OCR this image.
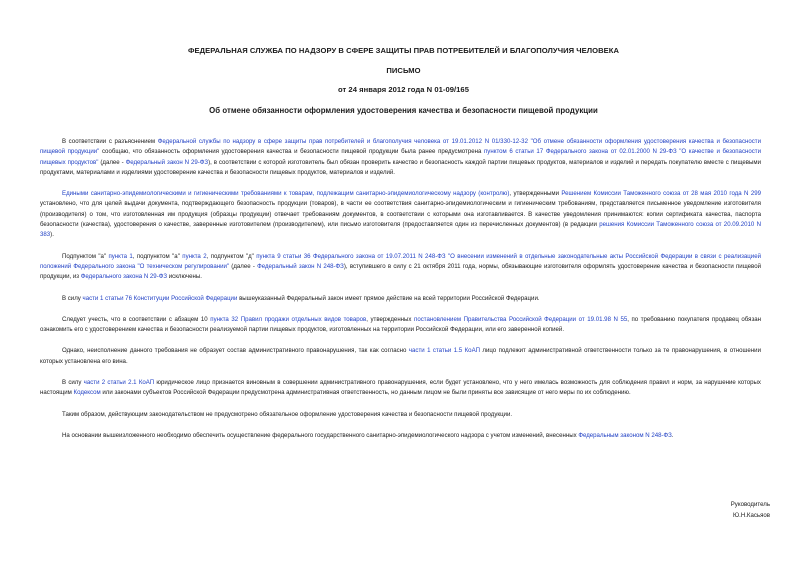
ФЕДЕРАЛЬНАЯ СЛУЖБА ПО НАДЗОРУ В СФЕРЕ ЗАЩИТЫ ПРАВ ПОТРЕБИТЕЛЕЙ И БЛАГОПОЛУЧИЯ ЧЕЛОВЕКА
ПИСЬМО
от 24 января 2012 года N 01-09/165
Об отмене обязанности оформления удостоверения качества и безопасности пищевой продукции

В соответствии с разъяснением Федеральной службы по надзору в сфере защиты прав потребителей и благополучия человека от 19.01.2012 N 01/330-12-32 "Об отмене обязанности оформления удостоверения качества и безопасности пищевой продукции" сообщаю, что обязанность оформления удостоверения качества и безопасности пищевой продукции была ранее предусмотрена пунктом 6 статьи 17 Федерального закона от 02.01.2000 N 29-ФЗ "О качестве и безопасности пищевых продуктов" (далее - Федеральный закон N 29-ФЗ), в соответствии с которой изготовитель был обязан проверить качество и безопасность каждой партии пищевых продуктов, материалов и изделий и передать покупателю вместе с пищевыми продуктами, материалами и изделиями удостоверение качества и безопасности пищевых продуктов, материалов и изделий.

Едиными санитарно-эпидемиологическими и гигиеническими требованиями к товарам, подлежащим санитарно-эпидемиологическому надзору (контролю), утвержденными Решением Комиссии Таможенного союза от 28 мая 2010 года N 299 установлено, что для целей выдачи документа, подтверждающего безопасность продукции (товаров), в части ее соответствия санитарно-эпидемиологическим и гигиеническим требованиям, представляется письменное уведомление изготовителя (производителя) о том, что изготовленная им продукция (образцы продукции) отвечает требованиям документов, в соответствии с которыми она изготавливается. В качестве уведомления принимаются: копии сертификата качества, паспорта безопасности (качества), удостоверения о качестве, заверенные изготовителем (производителем), или письмо изготовителя (предоставляется один из перечисленных документов) (в редакции решения Комиссии Таможенного союза от 20.09.2010 N 383).

Подпунктом "а" пункта 1, подпунктом "а" пункта 2, подпунктом "д" пункта 9 статьи 36 Федерального закона от 19.07.2011 N 248-ФЗ "О внесении изменений в отдельные законодательные акты Российской Федерации в связи с реализацией положений Федерального закона "О техническом регулировании" (далее - Федеральный закон N 248-ФЗ), вступившего в силу с 21 октября 2011 года, нормы, обязывающие изготовителя оформлять удостоверение качества и безопасности пищевой продукции, из Федерального закона N 29-ФЗ исключены.

В силу части 1 статьи 76 Конституции Российской Федерации вышеуказанный Федеральный закон имеет прямое действие на всей территории Российской Федерации.

Следует учесть, что в соответствии с абзацем 10 пункта 32 Правил продажи отдельных видов товаров, утвержденных постановлением Правительства Российской Федерации от 19.01.98 N 55, по требованию покупателя продавец обязан ознакомить его с удостоверением качества и безопасности реализуемой партии пищевых продуктов, изготовленных на территории Российской Федерации, или его заверенной копией.

Однако, неисполнение данного требования не образует состав административного правонарушения, так как согласно части 1 статьи 1.5 КоАП лицо подлежит административной ответственности только за те правонарушения, в отношении которых установлена его вина.

В силу части 2 статьи 2.1 КоАП юридическое лицо признается виновным в совершении административного правонарушения, если будет установлено, что у него имелась возможность для соблюдения правил и норм, за нарушение которых настоящим Кодексом или законами субъектов Российской Федерации предусмотрена административная ответственность, но данным лицом не были приняты все зависящие от него меры по их соблюдению.

Таким образом, действующим законодательством не предусмотрено обязательное оформление удостоверения качества и безопасности пищевой продукции.

На основании вышеизложенного необходимо обеспечить осуществление федерального государственного санитарно-эпидемиологического надзора с учетом изменений, внесенных Федеральным законом N 248-ФЗ.

Руководитель
Ю.Н.Касьяов
